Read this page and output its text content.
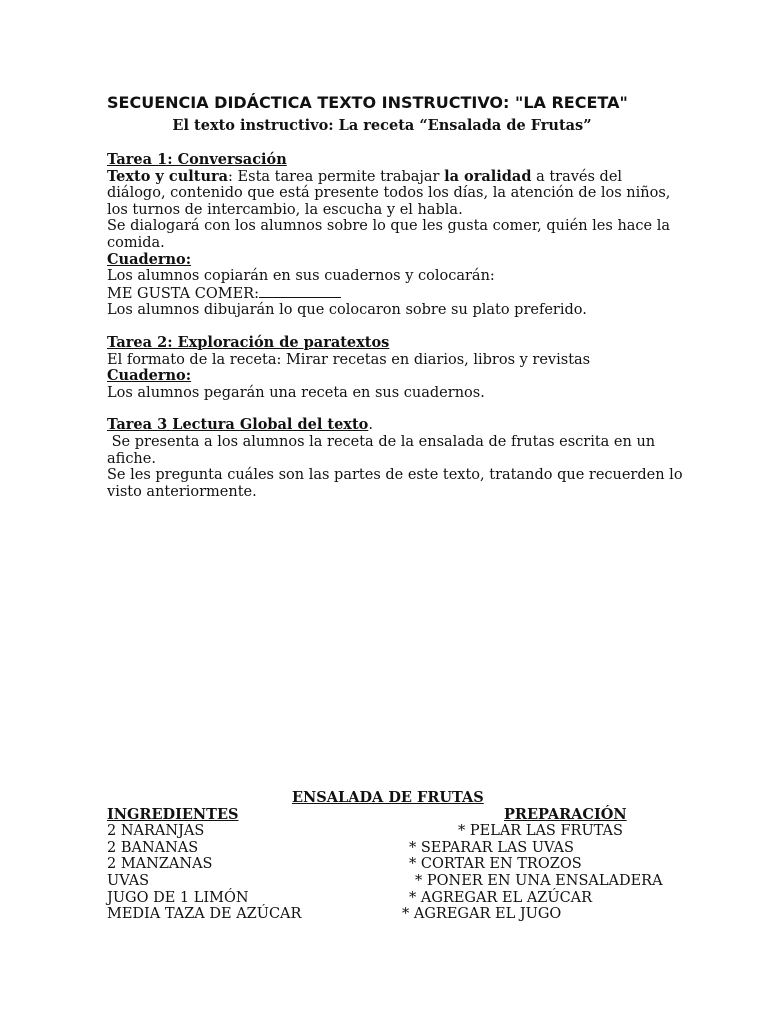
SECUENCIA DIDÁCTICA TEXTO INSTRUCTIVO: "LA RECETA"
El texto instructivo: La receta “Ensalada de Frutas”
Tarea 1: Conversación
Texto y cultura: Esta tarea permite trabajar la oralidad a través del
diálogo, contenido que está presente todos los días, la atención de los niños,
los turnos de intercambio, la escucha y el habla.
Se dialogará con los alumnos sobre lo que les gusta comer, quién les hace la
comida.
Cuaderno:
Los alumnos copiarán en sus cuadernos y colocarán:
ME GUSTA COMER:
Los alumnos dibujarán lo que colocaron sobre su plato preferido.
Tarea 2: Exploración de paratextos
El formato de la receta: Mirar recetas en diarios, libros y revistas
Cuaderno:
Los alumnos pegarán una receta en sus cuadernos.
Tarea 3 Lectura Global del texto.
Se presenta a los alumnos la receta de la ensalada de frutas escrita en un
afiche.
Se les pregunta cuáles son las partes de este texto, tratando que recuerden lo
visto anteriormente.
ENSALADA DE FRUTAS
INGREDIENTES	PREPARACIÓN
2 NARANJAS	* PELAR LAS FRUTAS
2 BANANAS	* SEPARAR LAS UVAS
2 MANZANAS	* CORTAR EN TROZOS
UVAS	* PONER EN UNA ENSALADERA
JUGO DE 1 LIMÓN	* AGREGAR EL AZÚCAR
MEDIA TAZA DE AZÚCAR	* AGREGAR EL JUGO
